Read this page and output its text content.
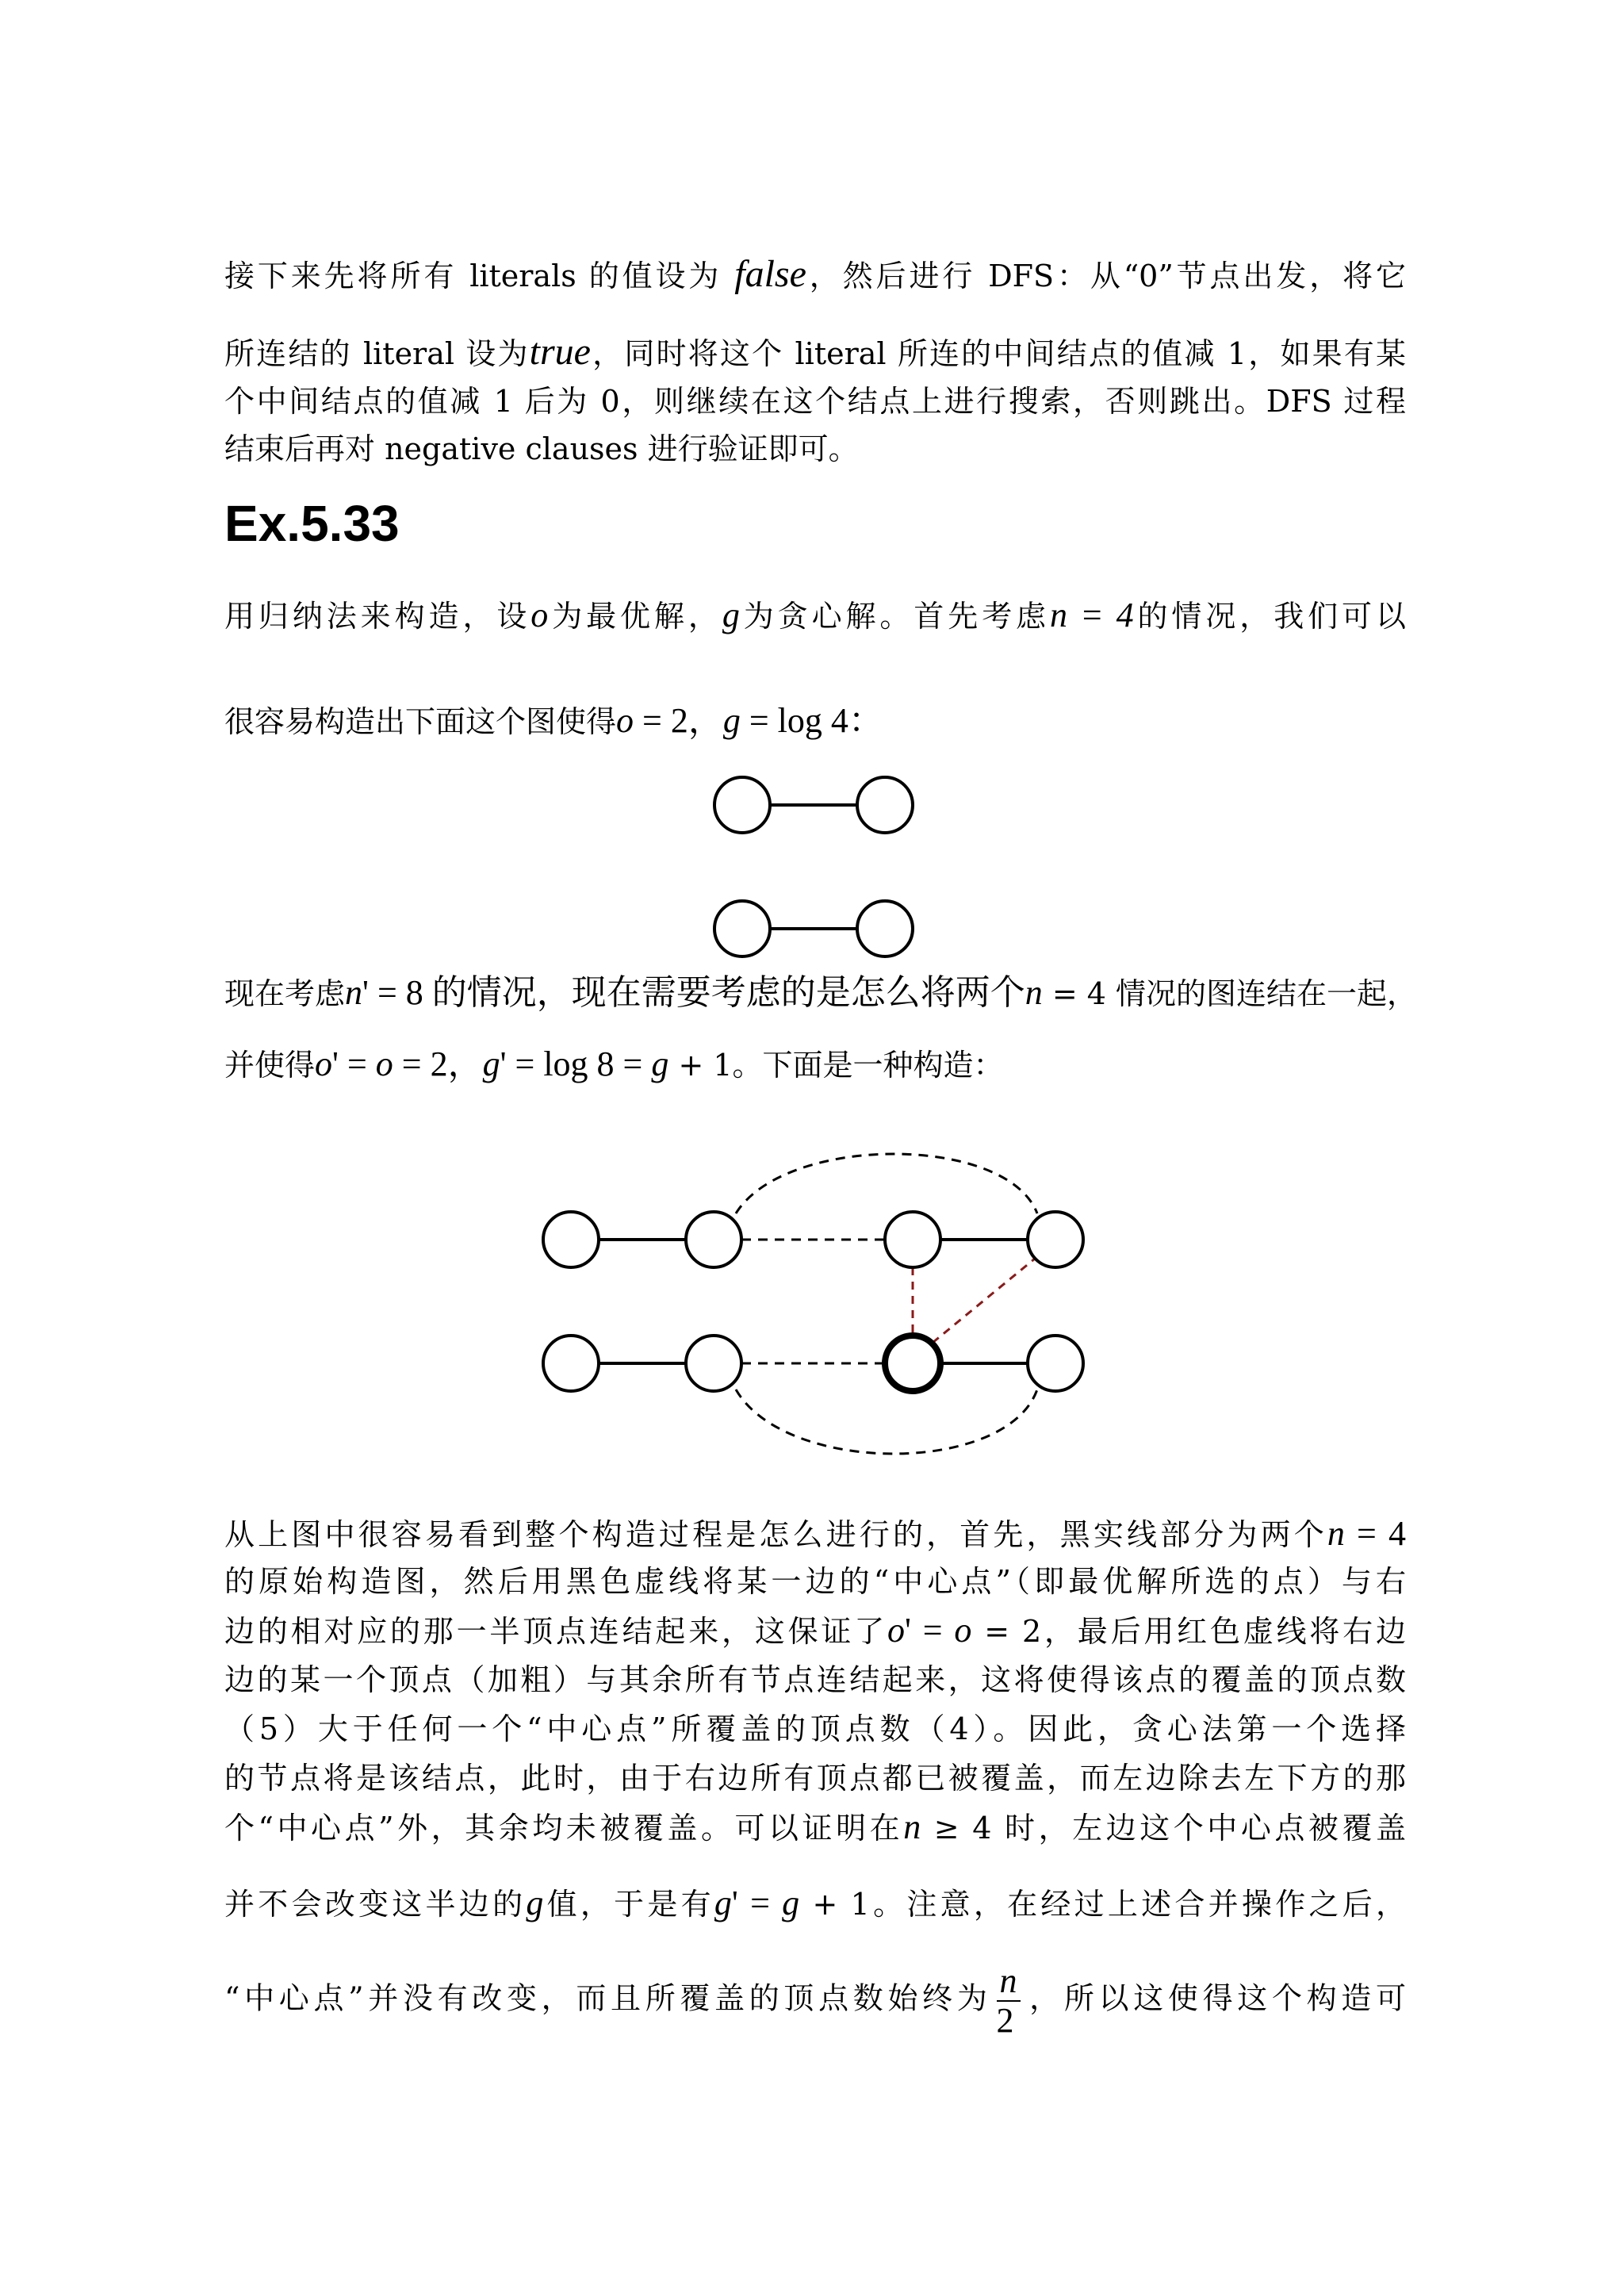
接下来先将所有 literals 的值设为 false，然后进行 DFS：从“0”节点出发，将它
所连结的 literal 设为true，同时将这个 literal 所连的中间结点的值减 1，如果有某
个中间结点的值减 1 后为 0，则继续在这个结点上进行搜索，否则跳出。DFS 过程
结束后再对 negative clauses 进行验证即可。
Ex.5.33
用归纳法来构造，设o为最优解，g为贪心解。首先考虑n = 4的情况，我们可以
很容易构造出下面这个图使得o = 2，g = log 4：
现在考虑n' = 8 的情况，现在需要考虑的是怎么将两个n = 4 情况的图连结在一起，
并使得o' = o = 2，g' = log 8 = g + 1。下面是一种构造：
从上图中很容易看到整个构造过程是怎么进行的，首先，黑实线部分为两个n = 4
的原始构造图，然后用黑色虚线将某一边的“中心点”（即最优解所选的点）与右
边的相对应的那一半顶点连结起来，这保证了o' = o = 2，最后用红色虚线将右边
边的某一个顶点（加粗）与其余所有节点连结起来，这将使得该点的覆盖的顶点数
（5）大于任何一个“中心点”所覆盖的顶点数（4）。因此，贪心法第一个选择
的节点将是该结点，此时，由于右边所有顶点都已被覆盖，而左边除去左下方的那
个“中心点”外，其余均未被覆盖。可以证明在n ≥ 4 时，左边这个中心点被覆盖
并不会改变这半边的g值，于是有g' = g + 1。注意，在经过上述合并操作之后，
“中心点”并没有改变，而且所覆盖的顶点数始终为 $\frac{n}{2}$ ，所以这使得这个构造可
